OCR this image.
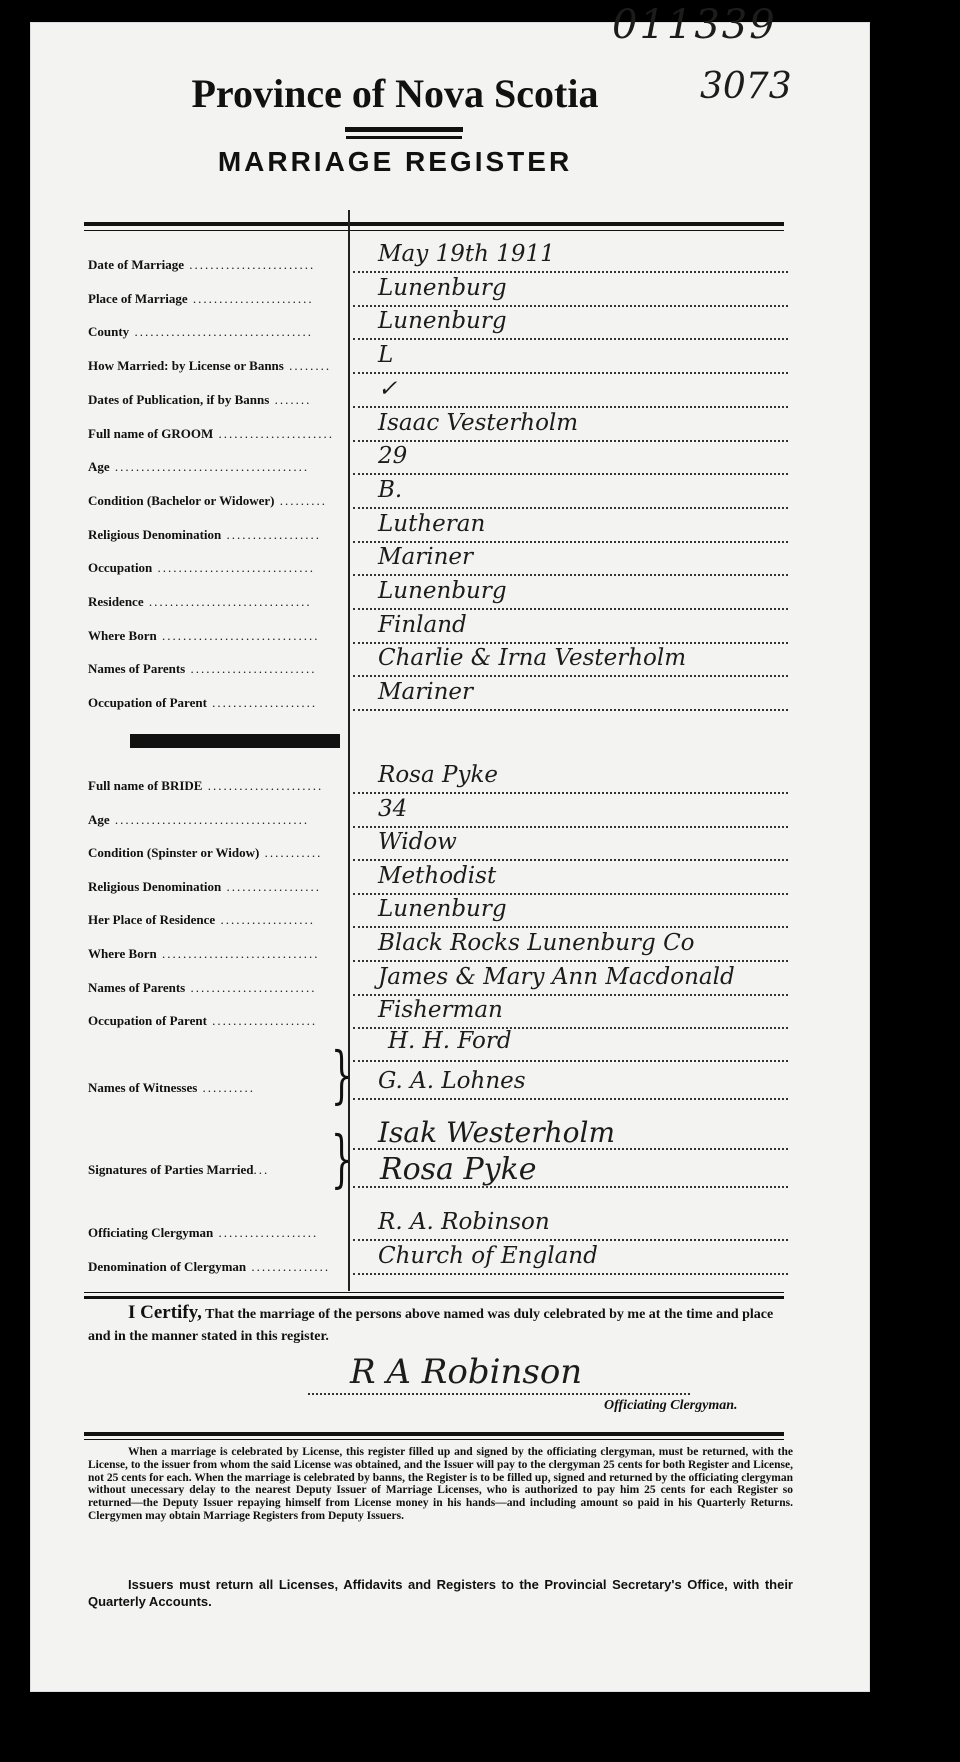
011339
3073
Province of Nova Scotia
MARRIAGE REGISTER
Date of Marriage ........................	May 19th 1911
Place of Marriage .......................	Lunenburg
County ..................................	Lunenburg
How Married: by License or Banns ........ L
Dates of Publication, if by Banns .......	✓
Full name of GROOM ...................... Isaac Vesterholm
Age .....................................	29
Condition (Bachelor or Widower) ......... B.
Religious Denomination .................. Lutheran
Occupation ..............................	Mariner
Residence ...............................	Lunenburg
Where Born ..............................	Finland
Names of Parents ........................	Charlie & Irna Vesterholm
Occupation of Parent ....................	Mariner
Full name of BRIDE ...................... Rosa Pyke
Age .....................................	34
Condition (Spinster or Widow) ........... Widow
Religious Denomination .................. Methodist
Her Place of Residence ..................	Lunenburg
Where Born ..............................	Black Rocks Lunenburg Co
Names of Parents ........................	James & Mary Ann Macdonald
Occupation of Parent ....................	Fisherman
Names of Witnesses ..........
H. H. Ford
G. A. Lohnes
}
Signatures of Parties Married...
Isak Westerholm
Rosa Pyke
}
Officiating Clergyman ...................	R. A. Robinson
Denomination of Clergyman ............... Church of England
I Certify, That the marriage of the persons above named was duly celebrated by me at the time and place and in the manner stated in this register.
R A Robinson
Officiating Clergyman.
When a marriage is celebrated by License, this register filled up and signed by the officiating clergyman, must be returned, with the License, to the issuer from whom the said License was obtained, and the Issuer will pay to the clergyman 25 cents for both Register and License, not 25 cents for each. When the marriage is celebrated by banns, the Register is to be filled up, signed and returned by the officiating clergyman without unecessary delay to the nearest Deputy Issuer of Marriage Licenses, who is authorized to pay him 25 cents for each Register so returned—the Deputy Issuer repaying himself from License money in his hands—and including amount so paid in his Quarterly Returns. Clergymen may obtain Marriage Registers from Deputy Issuers.
Issuers must return all Licenses, Affidavits and Registers to the Provincial Secretary's Office, with their Quarterly Accounts.
